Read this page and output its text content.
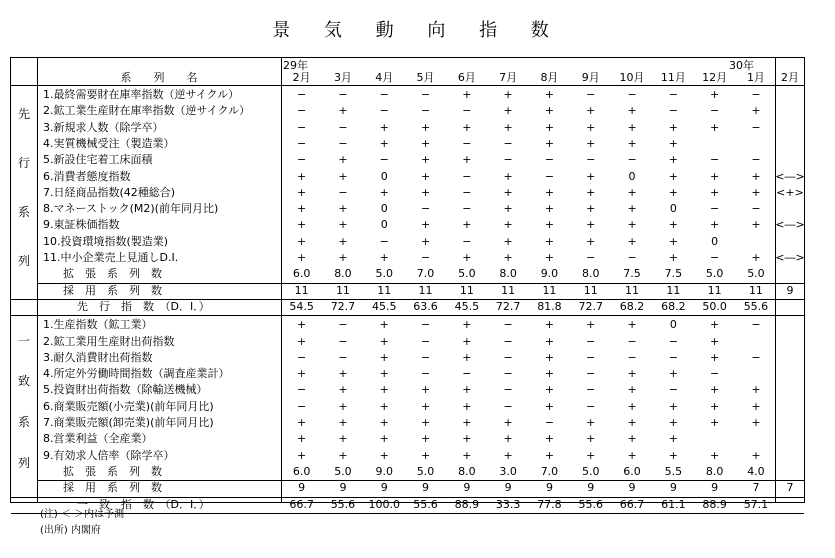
景 気 動 向 指 数
29年	30年
系　　列　　名	2月	3月	4月	5月	6月	7月	8月	9月	10月	11月	12月	1月	2月
1.最終需要財在庫率指数（逆サイクル）	−	−	−	−	+	+	+	−	−	−	+	−
2.鉱工業生産財在庫率指数（逆サイクル）	−	+	−	−	−	+	+	+	+	−	−	+
3.新規求人数（除学卒）	−	−	+	+	+	+	+	+	+	+	+	−
4.実質機械受注（製造業）	−	−	+	+	−	−	+	+	+	+
5.新設住宅着工床面積	−	+	−	+	+	−	−	−	−	+	−	−
6.消費者態度指数	+	+	0	+	−	+	−	+	0	+	+	+	<―>
7.日経商品指数(42種総合)	+	−	+	+	−	+	+	+	+	+	+	+	<+>
8.マネーストック(M2)(前年同月比)	+	+	0	−	−	+	+	+	+	0	−	−
9.東証株価指数	+	+	0	+	+	+	+	+	+	+	+	+	<―>
10.投資環境指数(製造業)	+	+	−	+	−	+	+	+	+	+	0
11.中小企業売上見通しD.I.	+	+	+	−	+	+	+	−	−	+	−	+	<―>
拡　張　系　列　数	6.0	8.0	5.0	7.0	5.0	8.0	9.0	8.0	7.5	7.5	5.0	5.0
採　用　系　列　数	11	11	11	11	11	11	11	11	11	11	11	11	9
先
行
系
列
先　行　指　数　（D．I．）	54.5	72.7	45.5	63.6	45.5	72.7	81.8	72.7	68.2	68.2	50.0	55.6
1.生産指数（鉱工業）	+	−	+	−	+	−	+	+	+	0	+	−
2.鉱工業用生産財出荷指数	+	−	+	−	+	−	+	−	−	−	+
3.耐久消費財出荷指数	−	−	+	−	+	−	+	−	−	−	+	−
4.所定外労働時間指数（調査産業計）	+	+	+	−	−	−	+	−	+	+	−
5.投資財出荷指数（除輸送機械）	−	+	+	+	+	−	+	−	+	−	+	+
6.商業販売額(小売業)(前年同月比)	−	+	+	+	+	−	+	−	+	+	+	+
7.商業販売額(卸売業)(前年同月比)	+	+	+	+	+	+	−	+	+	+	+	+
8.営業利益（全産業）	+	+	+	+	+	+	+	+	+	+
9.有効求人倍率（除学卒）	+	+	+	+	+	+	+	+	+	+	+	+
拡　張　系　列　数	6.0	5.0	9.0	5.0	8.0	3.0	7.0	5.0	6.0	5.5	8.0	4.0
採　用　系　列　数	9	9	9	9	9	9	9	9	9	9	9	7	7
一
致
系
列
一　致　指　数　（D．I．）	66.7	55.6	100.0	55.6	88.9	33.3	77.8	55.6	66.7	61.1	88.9	57.1
(注) ＜ ＞内は予測
(出所) 内閣府
